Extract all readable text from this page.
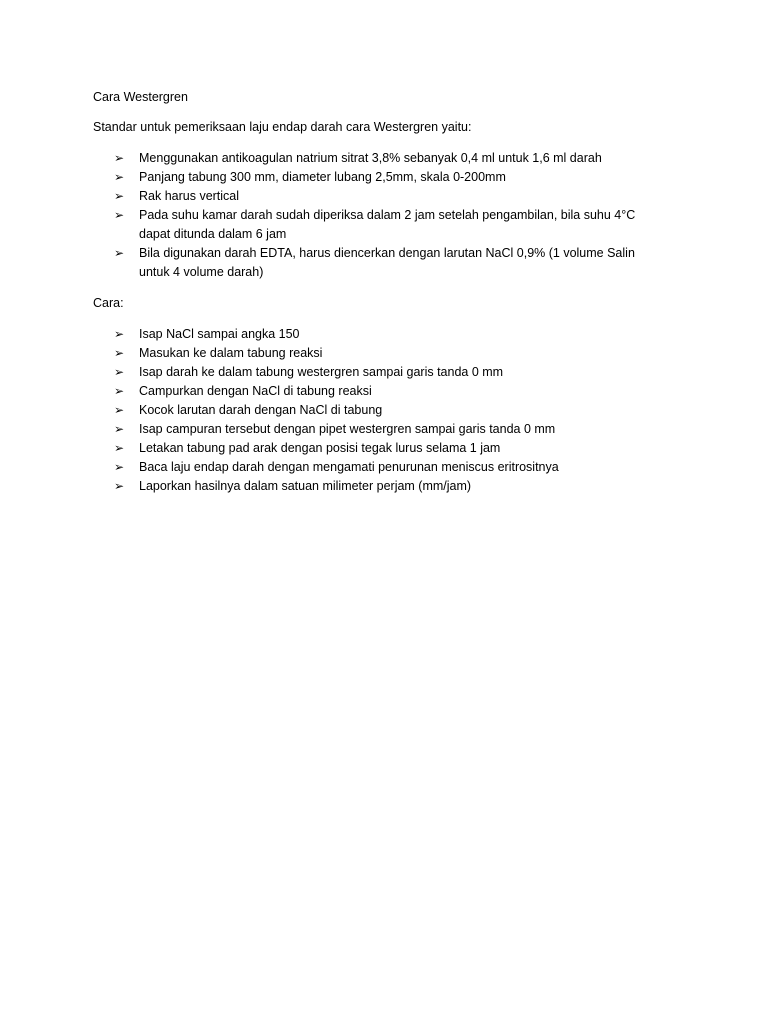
Cara Westergren

Standar untuk pemeriksaan laju endap darah cara Westergren yaitu:

➢ Menggunakan antikoagulan natrium sitrat 3,8% sebanyak 0,4 ml untuk 1,6 ml darah
➢ Panjang tabung 300 mm, diameter lubang 2,5mm, skala 0-200mm
➢ Rak harus vertical
➢ Pada suhu kamar darah sudah diperiksa dalam 2 jam setelah pengambilan, bila suhu 4°C dapat ditunda dalam 6 jam
➢ Bila digunakan darah EDTA, harus diencerkan dengan larutan NaCl 0,9% (1 volume Salin untuk 4 volume darah)

Cara:

➢ Isap NaCl sampai angka 150
➢ Masukan ke dalam tabung reaksi
➢ Isap darah ke dalam tabung westergren sampai garis tanda 0 mm
➢ Campurkan dengan NaCl di tabung reaksi
➢ Kocok larutan darah dengan NaCl di tabung
➢ Isap campuran tersebut dengan pipet westergren sampai garis tanda 0 mm
➢ Letakan tabung pad arak dengan posisi tegak lurus selama 1 jam
➢ Baca laju endap darah dengan mengamati penurunan meniscus eritrositnya
➢ Laporkan hasilnya dalam satuan milimeter perjam (mm/jam)
